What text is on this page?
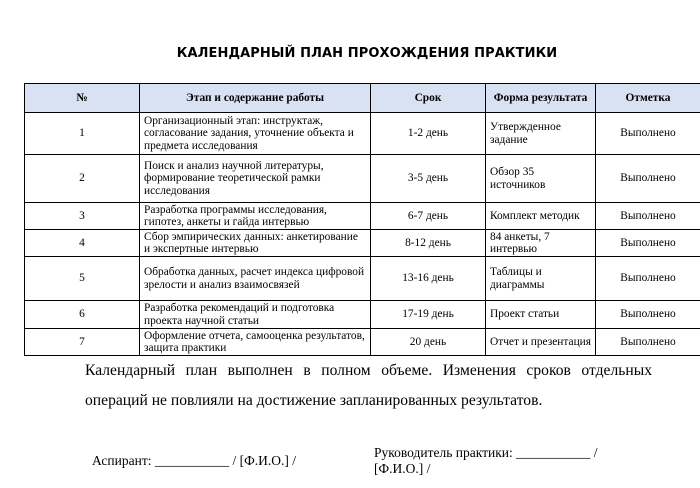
КАЛЕНДАРНЫЙ ПЛАН ПРОХОЖДЕНИЯ ПРАКТИКИ
№	Этап и содержание работы	Срок	Форма результата	Отметка
1	Организационный этап: инструктаж, согласование задания, уточнение объекта и предмета исследования	1-2 день	Утвержденное задание	Выполнено
2	Поиск и анализ научной литературы, формирование теоретической рамки исследования	3-5 день	Обзор 35 источников	Выполнено
3	Разработка программы исследования, гипотез, анкеты и гайда интервью	6-7 день	Комплект методик	Выполнено
4	Сбор эмпирических данных: анкетирование и экспертные интервью	8-12 день	84 анкеты, 7 интервью	Выполнено
5	Обработка данных, расчет индекса цифровой зрелости и анализ взаимосвязей	13-16 день	Таблицы и диаграммы	Выполнено
6	Разработка рекомендаций и подготовка проекта научной статьи	17-19 день	Проект статьи	Выполнено
7	Оформление отчета, самооценка результатов, защита практики	20 день	Отчет и презентация	Выполнено
Календарный план выполнен в полном объеме. Изменения сроков отдельных операций не повлияли на достижение запланированных результатов.
Аспирант: ___________ / [Ф.И.О.] /
Руководитель практики: ___________ / [Ф.И.О.] /
